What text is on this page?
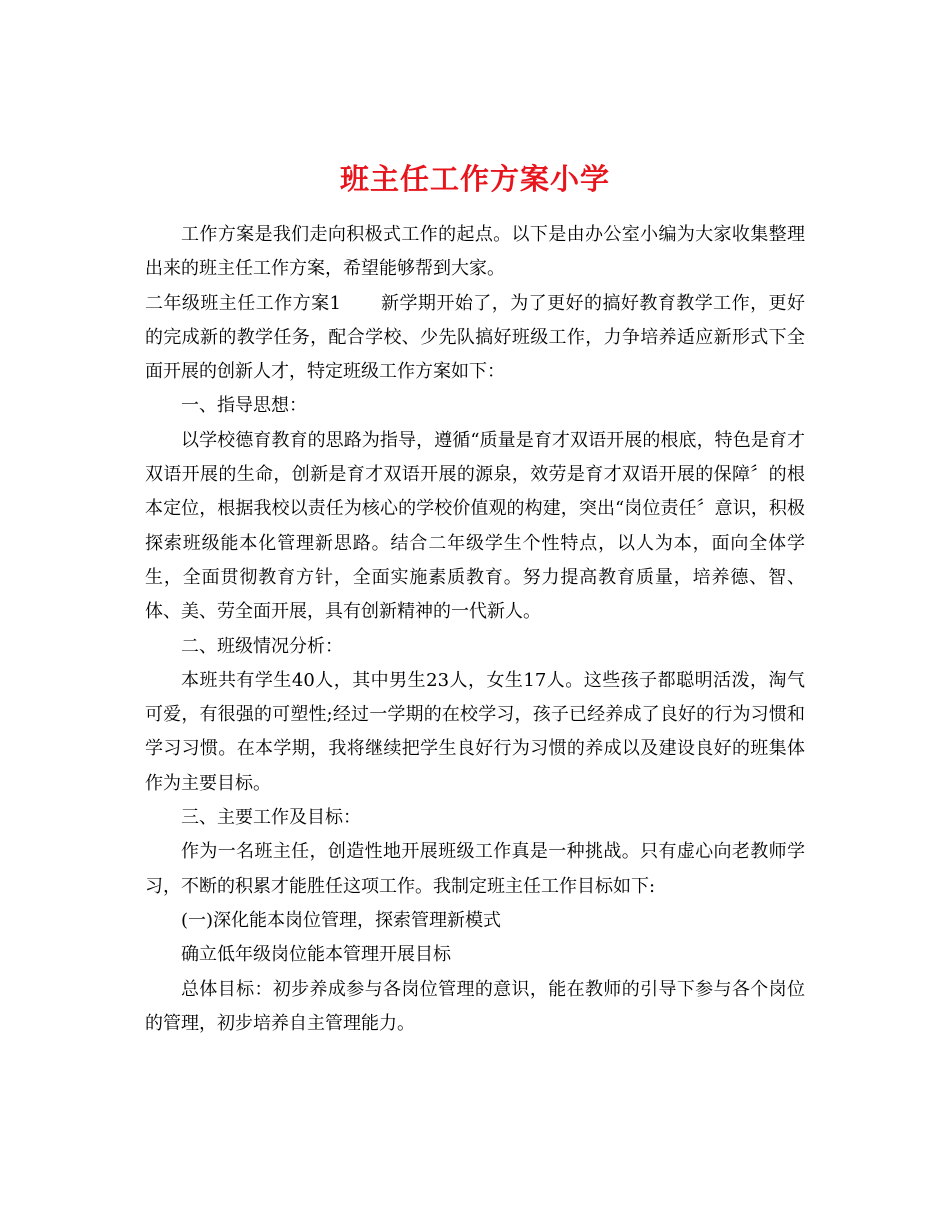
班主任工作方案小学

工作方案是我们走向积极式工作的起点。以下是由办公室小编为大家收集整理出来的班主任工作方案，希望能够帮到大家。

二年级班主任工作方案1 新学期开始了，为了更好的搞好教育教学工作，更好的完成新的教学任务，配合学校、少先队搞好班级工作，力争培养适应新形式下全面开展的创新人才，特定班级工作方案如下：

一、指导思想：

以学校德育教育的思路为指导，遵循“质量是育才双语开展的根底，特色是育才双语开展的生命，创新是育才双语开展的源泉，效劳是育才双语开展的保障〞的根本定位，根据我校以责任为核心的学校价值观的构建，突出“岗位责任〞意识，积极探索班级能本化管理新思路。结合二年级学生个性特点，以人为本，面向全体学生，全面贯彻教育方针，全面实施素质教育。努力提高教育质量，培养德、智、体、美、劳全面开展，具有创新精神的一代新人。

二、班级情况分析：

本班共有学生40人，其中男生23人，女生17人。这些孩子都聪明活泼，淘气可爱，有很强的可塑性;经过一学期的在校学习，孩子已经养成了良好的行为习惯和学习习惯。在本学期，我将继续把学生良好行为习惯的养成以及建设良好的班集体作为主要目标。

三、主要工作及目标：

作为一名班主任，创造性地开展班级工作真是一种挑战。只有虚心向老教师学习，不断的积累才能胜任这项工作。我制定班主任工作目标如下:

(一)深化能本岗位管理，探索管理新模式

确立低年级岗位能本管理开展目标

总体目标：初步养成参与各岗位管理的意识，能在教师的引导下参与各个岗位的管理，初步培养自主管理能力。
